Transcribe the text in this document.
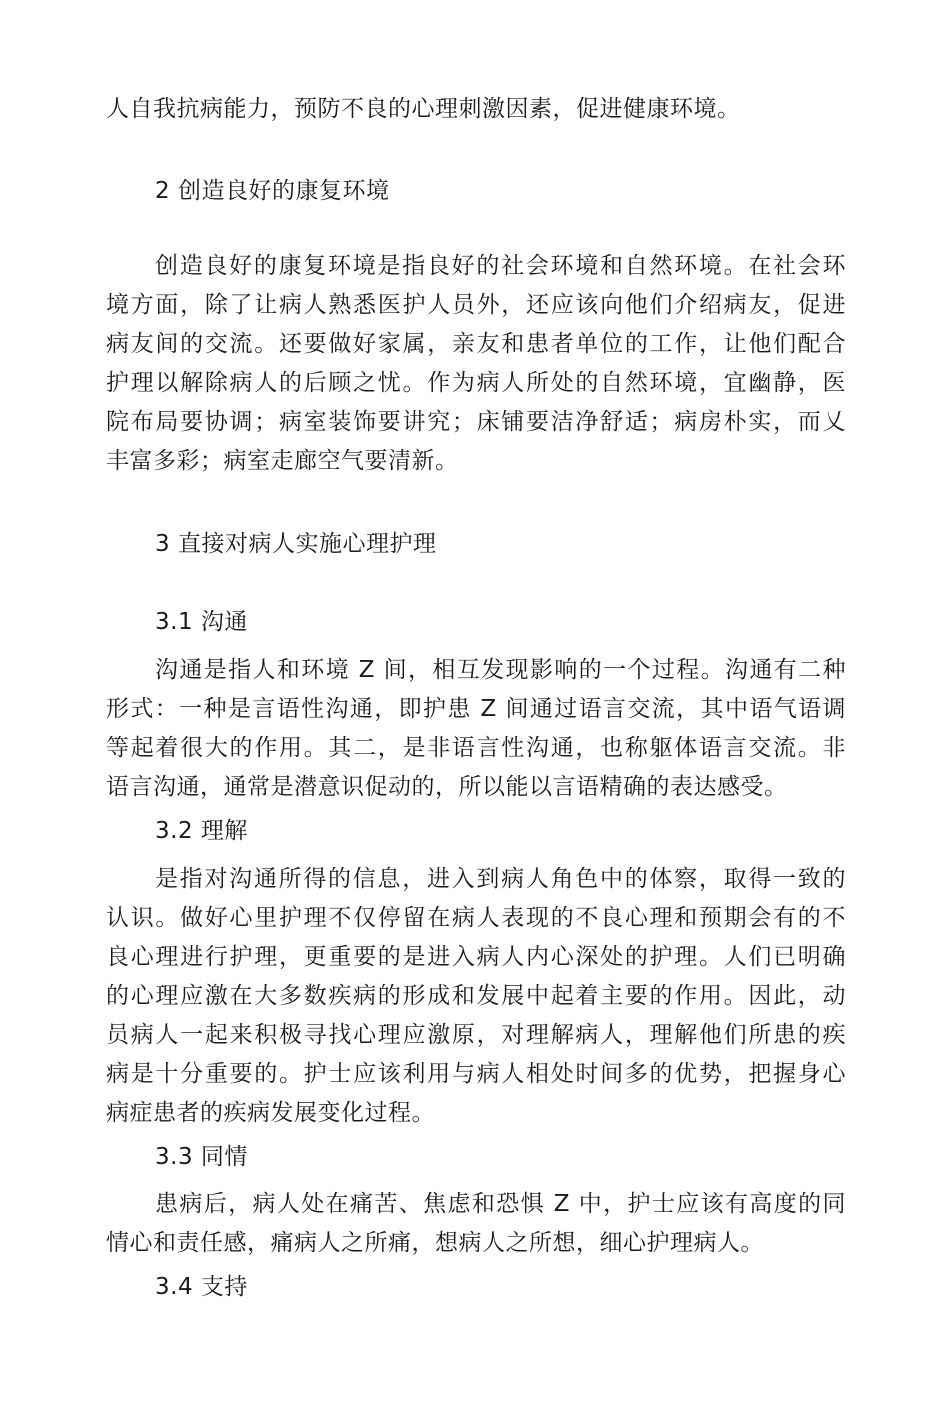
人自我抗病能力，预防不良的心理刺激因素，促进健康环境。
2 创造良好的康复环境
创造良好的康复环境是指良好的社会环境和自然环境。在社会环
境方面，除了让病人熟悉医护人员外，还应该向他们介绍病友，促进
病友间的交流。还要做好家属，亲友和患者单位的工作，让他们配合
护理以解除病人的后顾之忧。作为病人所处的自然环境，宜幽静，医
院布局要协调；病室装饰要讲究；床铺要洁净舒适；病房朴实，而乂
丰富多彩；病室走廊空气要清新。
3 直接对病人实施心理护理
3.1 沟通
沟通是指人和环境 Z 间，相互发现影响的一个过程。沟通有二种
形式：一种是言语性沟通，即护患 Z 间通过语言交流，其中语气语调
等起着很大的作用。其二，是非语言性沟通，也称躯体语言交流。非
语言沟通，通常是潜意识促动的，所以能以言语精确的表达感受。
3.2 理解
是指对沟通所得的信息，进入到病人角色中的体察，取得一致的
认识。做好心里护理不仅停留在病人表现的不良心理和预期会有的不
良心理进行护理，更重要的是进入病人内心深处的护理。人们已明确
的心理应激在大多数疾病的形成和发展中起着主要的作用。因此，动
员病人一起来积极寻找心理应激原，对理解病人，理解他们所患的疾
病是十分重要的。护士应该利用与病人相处时间多的优势，把握身心
病症患者的疾病发展变化过程。
3.3 同情
患病后，病人处在痛苦、焦虑和恐惧 Z 中，护士应该有高度的同
情心和责任感，痛病人之所痛，想病人之所想，细心护理病人。
3.4 支持
